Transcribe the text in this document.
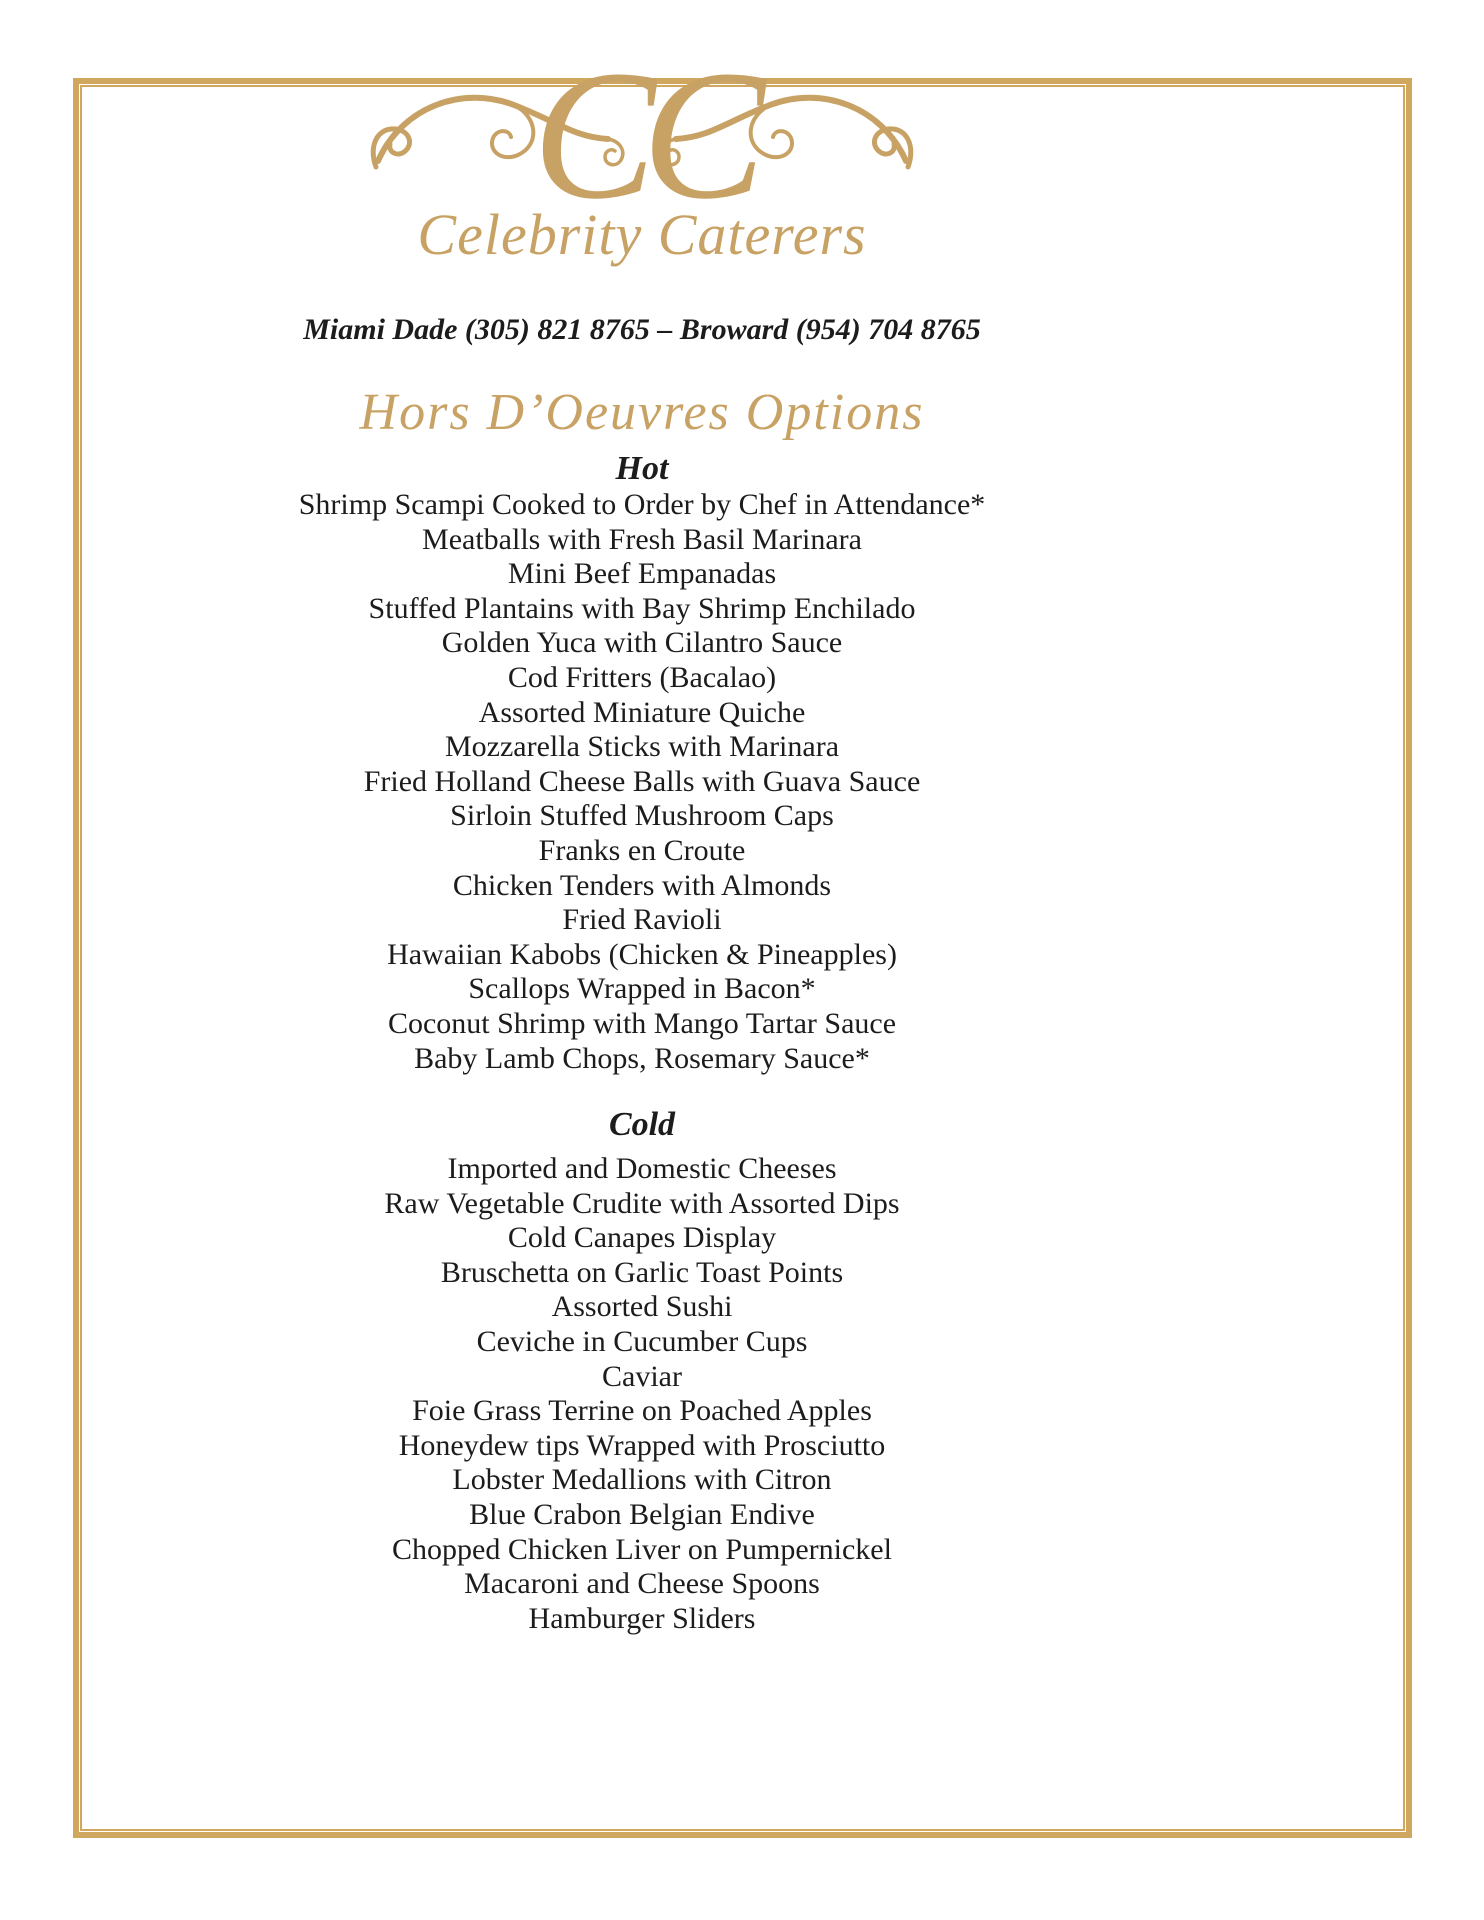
CC
Celebrity Caterers
Miami Dade (305) 821 8765 – Broward (954) 704 8765
Hors D’Oeuvres Options
Hot
Shrimp Scampi Cooked to Order by Chef in Attendance*
Meatballs with Fresh Basil Marinara
Mini Beef Empanadas
Stuffed Plantains with Bay Shrimp Enchilado
Golden Yuca with Cilantro Sauce
Cod Fritters (Bacalao)
Assorted Miniature Quiche
Mozzarella Sticks with Marinara
Fried Holland Cheese Balls with Guava Sauce
Sirloin Stuffed Mushroom Caps
Franks en Croute
Chicken Tenders with Almonds
Fried Ravioli
Hawaiian Kabobs (Chicken & Pineapples)
Scallops Wrapped in Bacon*
Coconut Shrimp with Mango Tartar Sauce
Baby Lamb Chops, Rosemary Sauce*
Cold
Imported and Domestic Cheeses
Raw Vegetable Crudite with Assorted Dips
Cold Canapes Display
Bruschetta on Garlic Toast Points
Assorted Sushi
Ceviche in Cucumber Cups
Caviar
Foie Grass Terrine on Poached Apples
Honeydew tips Wrapped with Prosciutto
Lobster Medallions with Citron
Blue Crabon Belgian Endive
Chopped Chicken Liver on Pumpernickel
Macaroni and Cheese Spoons
Hamburger Sliders
